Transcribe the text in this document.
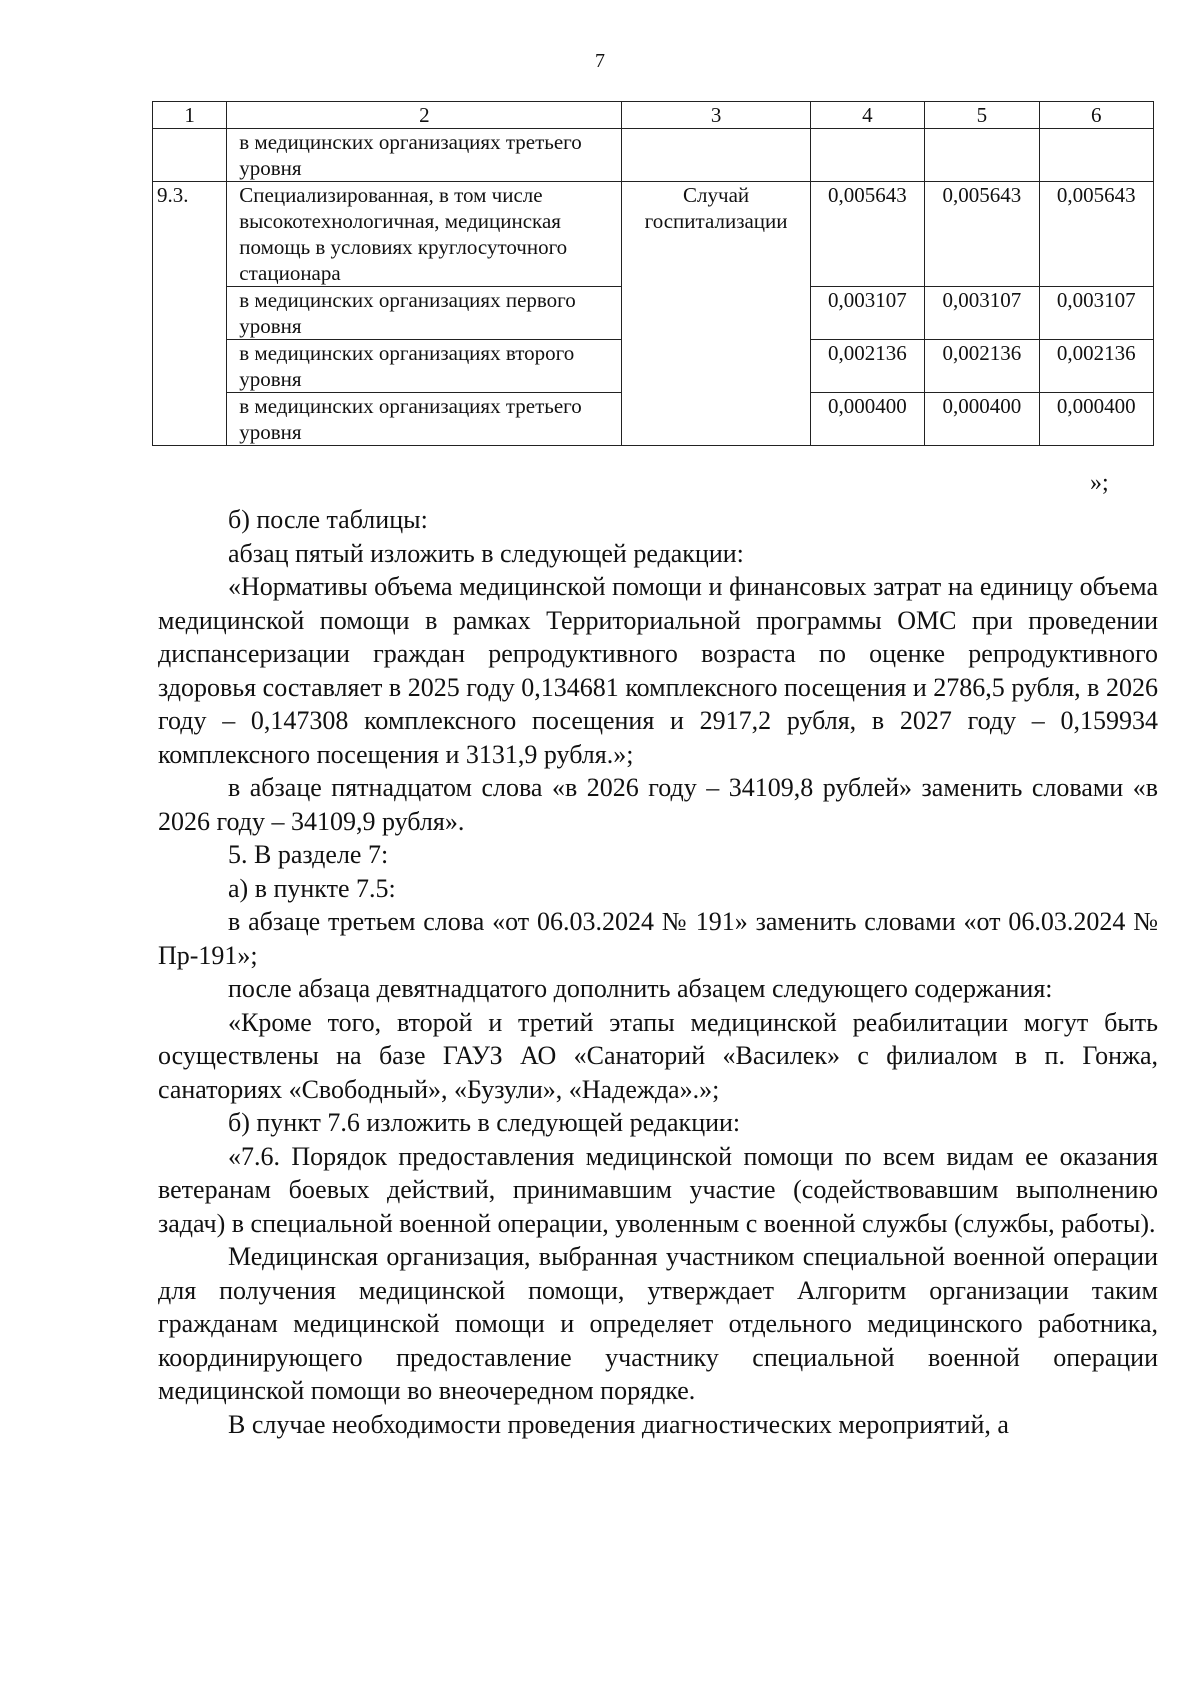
7
1	2	3	4	5	6
	в медицинских организациях третьего уровня				
9.3.	Специализированная, в том числе высокотехнологичная, медицинская помощь в условиях круглосуточного стационара	Случай госпитализации	0,005643	0,005643	0,005643
	в медицинских организациях первого уровня		0,003107	0,003107	0,003107
	в медицинских организациях второго уровня		0,002136	0,002136	0,002136
	в медицинских организациях третьего уровня		0,000400	0,000400	0,000400
»;

б) после таблицы:

абзац пятый изложить в следующей редакции:

«Нормативы объема медицинской помощи и финансовых затрат на единицу объема медицинской помощи в рамках Территориальной программы ОМС при проведении диспансеризации граждан репродуктивного возраста по оценке репродуктивного здоровья составляет в 2025 году 0,134681 комплексного посещения и 2786,5 рубля, в 2026 году – 0,147308 комплексного посещения и 2917,2 рубля, в 2027 году – 0,159934 комплексного посещения и 3131,9 рубля.»;

в абзаце пятнадцатом слова «в 2026 году – 34109,8 рублей» заменить словами «в 2026 году – 34109,9 рубля».

5. В разделе 7:

а) в пункте 7.5:

в абзаце третьем слова «от 06.03.2024 № 191» заменить словами «от 06.03.2024 № Пр-191»;

после абзаца девятнадцатого дополнить абзацем следующего содержания:

«Кроме того, второй и третий этапы медицинской реабилитации могут быть осуществлены на базе ГАУЗ АО «Санаторий «Василек» с филиалом в п. Гонжа, санаториях «Свободный», «Бузули», «Надежда».»;

б) пункт 7.6 изложить в следующей редакции:

«7.6. Порядок предоставления медицинской помощи по всем видам ее оказания ветеранам боевых действий, принимавшим участие (содействовавшим выполнению задач) в специальной военной операции, уволенным с военной службы (службы, работы).

Медицинская организация, выбранная участником специальной военной операции для получения медицинской помощи, утверждает Алгоритм организации таким гражданам медицинской помощи и определяет отдельного медицинского работника, координирующего предоставление участнику специальной военной операции медицинской помощи во внеочередном порядке.

В случае необходимости проведения диагностических мероприятий, а
